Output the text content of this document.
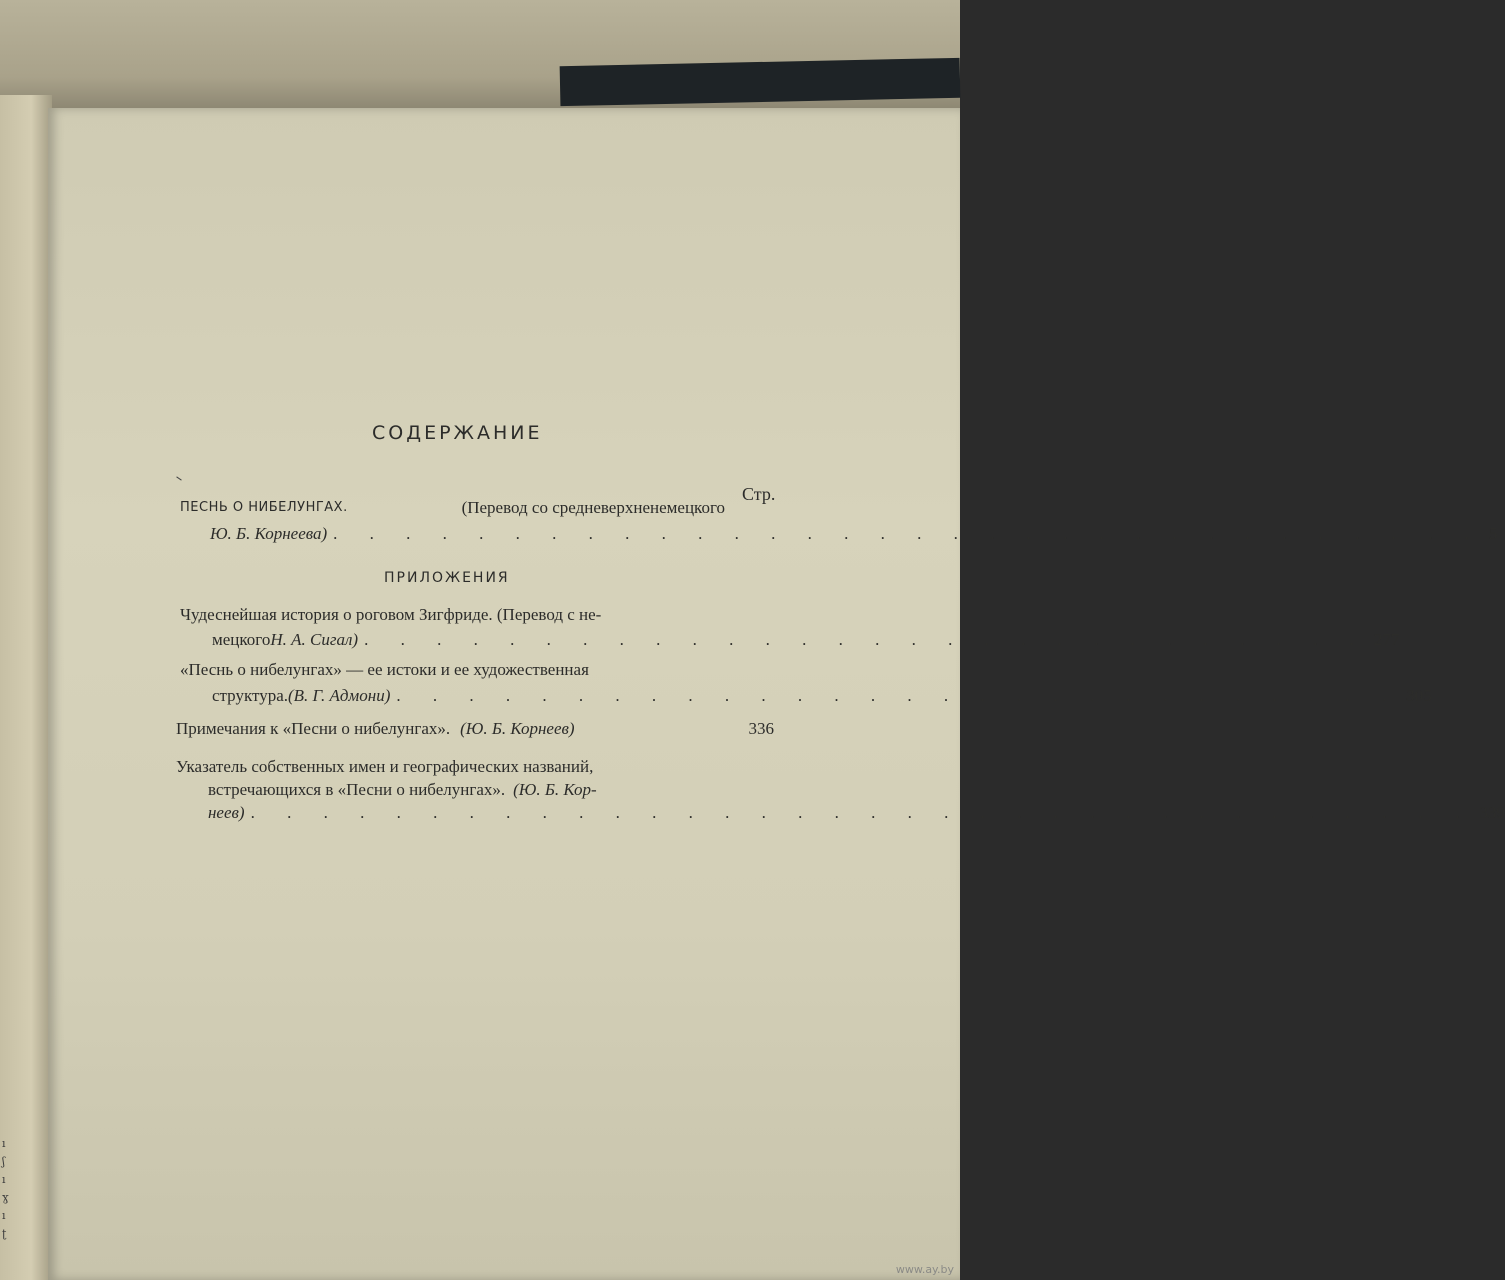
ı
ʃ
ı
ɣ
ı
ʈ
СОДЕРЖАНИЕ
Стр.
ПЕСНЬ О НИБЕЛУНГАХ.	(Перевод со средневерхненемецкого
Ю. Б. Корнеева) . . . . . . . . . . . . . . . . . . . . . . . . . . . . . . . . 5
ПРИЛОЖЕНИЯ
Чудеснейшая история о роговом Зигфриде. (Перевод с не-
мецкого Н. А. Сигал) . . . . . . . . . . . . . . . . . . . . . . . . . . . . 277
«Песнь о нибелунгах» — ее истоки и ее художественная
структура. (В. Г. Адмони) . . . . . . . . . . . . . . . . . . . . . . . . . . . . 305
Примечания к «Песни о нибелунгах». (Ю. Б. Корнеев)	336
Указатель собственных имен и географических названий,
встречающихся в «Песни о нибелунгах». (Ю. Б. Кор-
неев) . . . . . . . . . . . . . . . . . . . . . . . . . . . . . . . . . . 339
www.ay.by
